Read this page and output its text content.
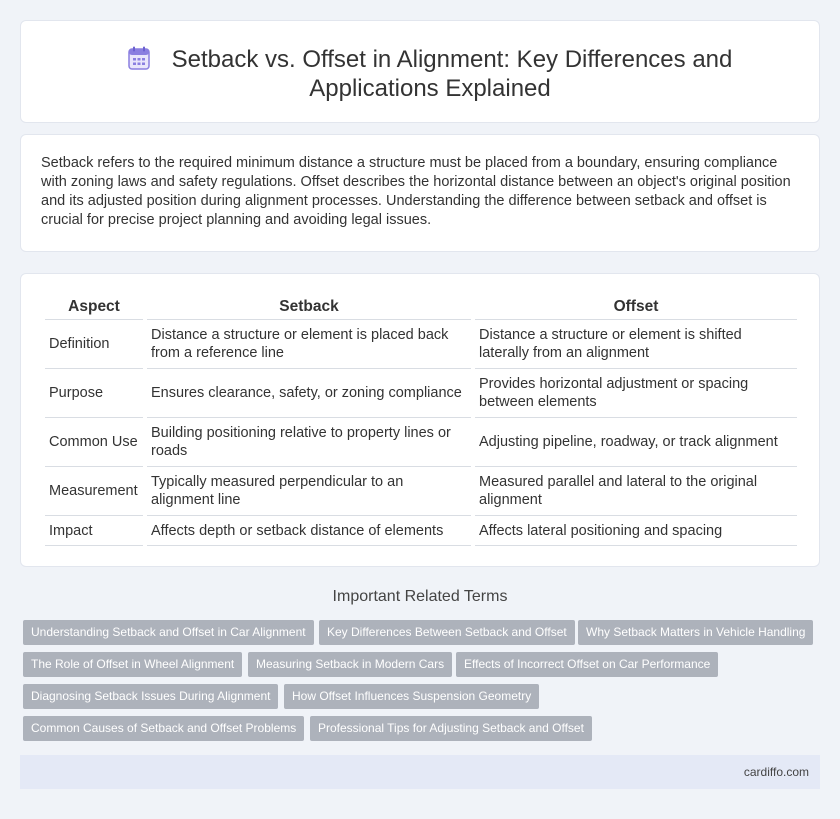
Setback vs. Offset in Alignment: Key Differences and Applications Explained

Setback refers to the required minimum distance a structure must be placed from a boundary, ensuring compliance with zoning laws and safety regulations. Offset describes the horizontal distance between an object's original position and its adjusted position during alignment processes. Understanding the difference between setback and offset is crucial for precise project planning and avoiding legal issues.

Aspect	Setback	Offset
Definition	Distance a structure or element is placed back from a reference line	Distance a structure or element is shifted laterally from an alignment
Purpose	Ensures clearance, safety, or zoning compliance	Provides horizontal adjustment or spacing between elements
Common Use	Building positioning relative to property lines or roads	Adjusting pipeline, roadway, or track alignment
Measurement	Typically measured perpendicular to an alignment line	Measured parallel and lateral to the original alignment
Impact	Affects depth or setback distance of elements	Affects lateral positioning and spacing
Important Related Terms
Understanding Setback and Offset in Car Alignment	Key Differences Between Setback and Offset	Why Setback Matters in Vehicle Handling
The Role of Offset in Wheel Alignment	Measuring Setback in Modern Cars	Effects of Incorrect Offset on Car Performance
Diagnosing Setback Issues During Alignment	How Offset Influences Suspension Geometry
Common Causes of Setback and Offset Problems	Professional Tips for Adjusting Setback and Offset
cardiffo.com
